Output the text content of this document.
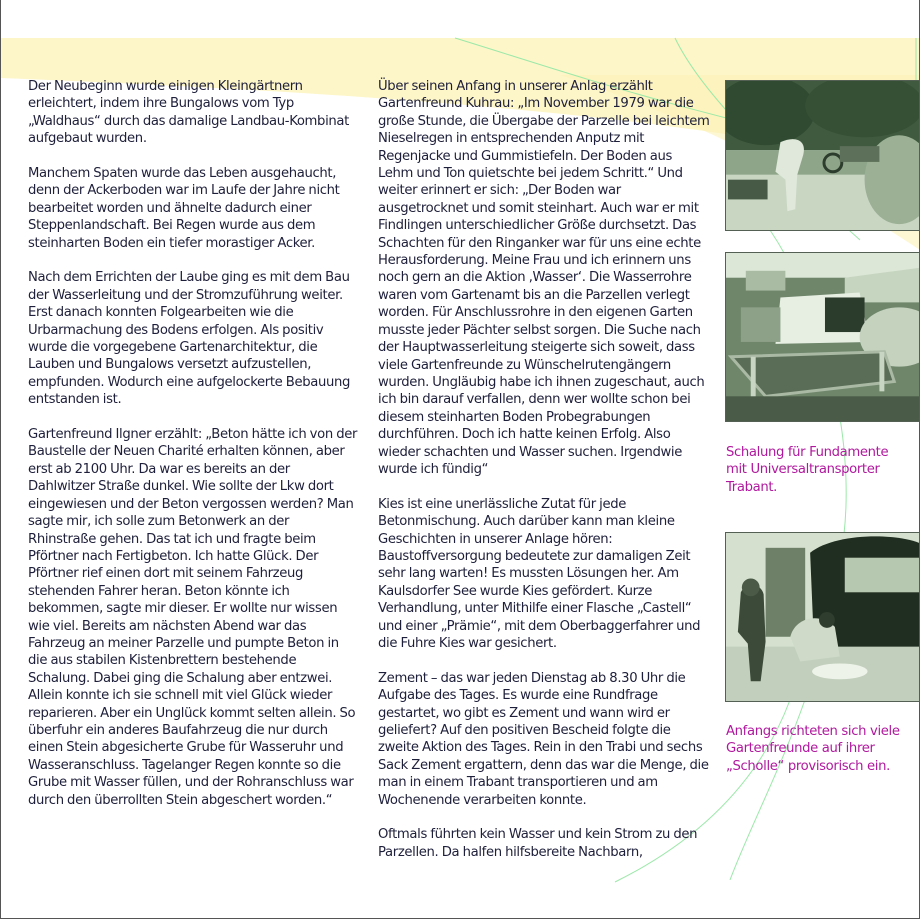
Der Neubeginn wurde einigen Kleingärtnern erleichtert, indem ihre Bungalows vom Typ „Waldhaus“ durch das damalige Landbau-Kombinat aufgebaut wurden.

Manchem Spaten wurde das Leben ausgehaucht, denn der Ackerboden war im Laufe der Jahre nicht bearbeitet worden und ähnelte dadurch einer Steppenlandschaft. Bei Regen wurde aus dem steinharten Boden ein tiefer morastiger Acker.

Nach dem Errichten der Laube ging es mit dem Bau der Wasserleitung und der Stromzuführung weiter. Erst danach konnten Folgearbeiten wie die Urbarmachung des Bodens erfolgen. Als positiv wurde die vorgegebene Gartenarchitektur, die Lauben und Bungalows versetzt aufzustellen, empfunden. Wodurch eine aufgelockerte Bebauung entstanden ist.

Gartenfreund Ilgner erzählt: „Beton hätte ich von der Baustelle der Neuen Charité erhalten können, aber erst ab 2100 Uhr. Da war es bereits an der Dahlwitzer Straße dunkel. Wie sollte der Lkw dort eingewiesen und der Beton vergossen werden? Man sagte mir, ich solle zum Betonwerk an der Rhinstraße gehen. Das tat ich und fragte beim Pförtner nach Fertigbeton. Ich hatte Glück. Der Pförtner rief einen dort mit seinem Fahrzeug stehenden Fahrer heran. Beton könnte ich bekommen, sagte mir dieser. Er wollte nur wissen wie viel. Bereits am nächsten Abend war das Fahrzeug an meiner Parzelle und pumpte Beton in die aus stabilen Kistenbrettern bestehende Schalung. Dabei ging die Schalung aber entzwei. Allein konnte ich sie schnell mit viel Glück wieder reparieren. Aber ein Unglück kommt selten allein. So überfuhr ein anderes Baufahrzeug die nur durch einen Stein abgesicherte Grube für Wasseruhr und Wasseranschluss. Tagelanger Regen konnte so die Grube mit Wasser füllen, und der Rohranschluss war durch den überrollten Stein abgeschert worden.“

Über seinen Anfang in unserer Anlag erzählt Gartenfreund Kuhrau: „Im November 1979 war die große Stunde, die Übergabe der Parzelle bei leichtem Nieselregen in entsprechenden Anputz mit Regenjacke und Gummistiefeln. Der Boden aus Lehm und Ton quietschte bei jedem Schritt.“ Und weiter erinnert er sich: „Der Boden war ausgetrocknet und somit steinhart. Auch war er mit Findlingen unterschiedlicher Größe durchsetzt. Das Schachten für den Ringanker war für uns eine echte Herausforderung. Meine Frau und ich erinnern uns noch gern an die Aktion ‚Wasser‘. Die Wasserrohre waren vom Gartenamt bis an die Parzellen verlegt worden. Für Anschlussrohre in den eigenen Garten musste jeder Pächter selbst sorgen. Die Suche nach der Hauptwasserleitung steigerte sich soweit, dass viele Gartenfreunde zu Wünschelrutengängern wurden. Ungläubig habe ich ihnen zugeschaut, auch ich bin darauf verfallen, denn wer wollte schon bei diesem steinharten Boden Probegrabungen durchführen. Doch ich hatte keinen Erfolg. Also wieder schachten und Wasser suchen. Irgendwie wurde ich fündig“

Kies ist eine unerlässliche Zutat für jede Betonmischung. Auch darüber kann man kleine Geschichten in unserer Anlage hören: Baustoffversorgung bedeutete zur damaligen Zeit sehr lang warten! Es mussten Lösungen her. Am Kaulsdorfer See wurde Kies gefördert. Kurze Verhandlung, unter Mithilfe einer Flasche „Castell“ und einer „Prämie“, mit dem Oberbaggerfahrer und die Fuhre Kies war gesichert.

Zement – das war jeden Dienstag ab 8.30 Uhr die Aufgabe des Tages. Es wurde eine Rundfrage gestartet, wo gibt es Zement und wann wird er geliefert? Auf den positiven Bescheid folgte die zweite Aktion des Tages. Rein in den Trabi und sechs Sack Zement ergattern, denn das war die Menge, die man in einem Trabant transportieren und am Wochenende verarbeiten konnte.

Oftmals führten kein Wasser und kein Strom zu den Parzellen. Da halfen hilfsbereite Nachbarn,

Schalung für Fundamente mit Universaltransporter Trabant.
Anfangs richteten sich viele Gartenfreunde auf ihrer „Scholle“ provisorisch ein.
